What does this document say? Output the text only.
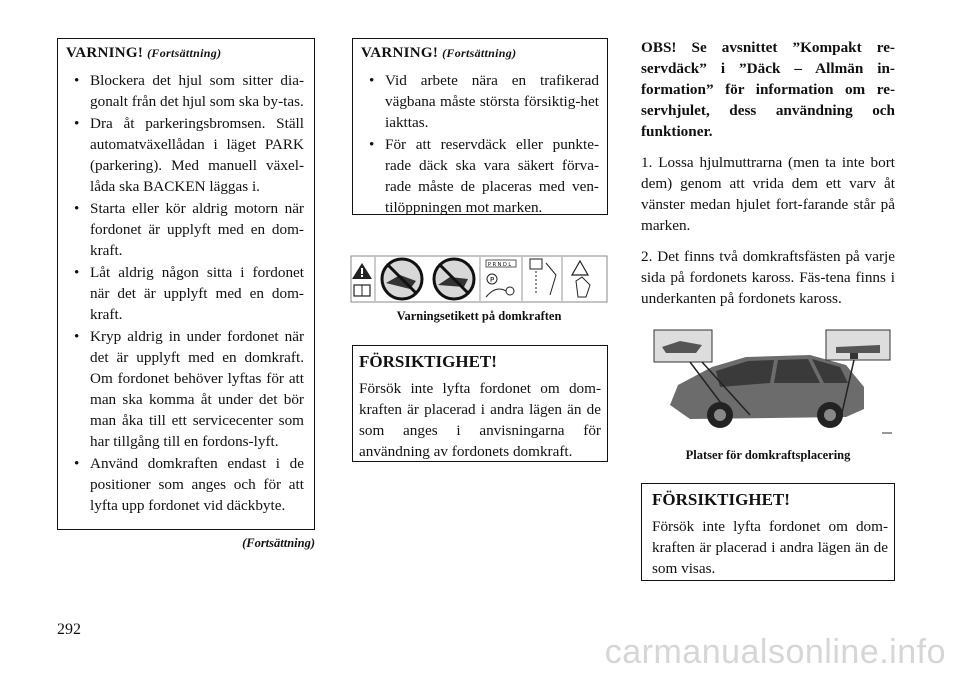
VARNING! (Fortsättning)
• Blockera det hjul som sitter dia-gonalt från det hjul som ska by-tas.
• Dra åt parkeringsbromsen. Ställ automatväxellådan i läget PARK (parkering). Med manuell växel-låda ska BACKEN läggas i.
• Starta eller kör aldrig motorn när fordonet är upplyft med en dom-kraft.
• Låt aldrig någon sitta i fordonet när det är upplyft med en dom-kraft.
• Kryp aldrig in under fordonet när det är upplyft med en domkraft. Om fordonet behöver lyftas för att man ska komma åt under det bör man åka till ett servicecenter som har tillgång till en fordons-lyft.
• Använd domkraften endast i de positioner som anges och för att lyfta upp fordonet vid däckbyte.
(Fortsättning)
VARNING! (Fortsättning)
• Vid arbete nära en trafikerad vägbana måste största försiktig-het iakttas.
• För att reservdäck eller punkte-rade däck ska vara säkert förva-rade måste de placeras med ven-tilöppningen mot marken.
P R N D L
P
Varningsetikett på domkraften
FÖRSIKTIGHET!

Försök inte lyfta fordonet om dom-kraften är placerad i andra lägen än de som anges i anvisningarna för användning av fordonets domkraft.

OBS! Se avsnittet ”Kompakt re-servdäck” i ”Däck – Allmän in-formation” för information om re-servhjulet, dess användning och funktioner.

1. Lossa hjulmuttrarna (men ta inte bort dem) genom att vrida dem ett varv åt vänster medan hjulet fort-farande står på marken.

2. Det finns två domkraftsfästen på varje sida på fordonets kaross. Fäs-tena finns i underkanten på fordonets kaross.

Platser för domkraftsplacering
FÖRSIKTIGHET!

Försök inte lyfta fordonet om dom-kraften är placerad i andra lägen än de som visas.

292
carmanualsonline.info
